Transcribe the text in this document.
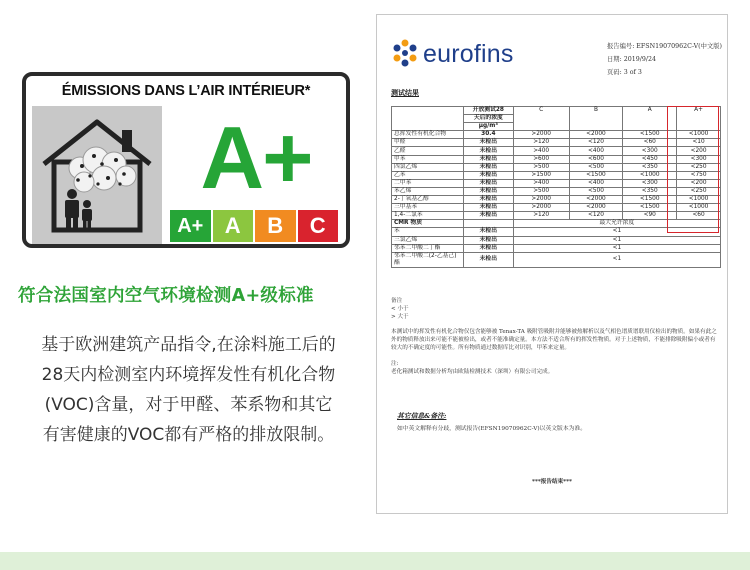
ÉMISSIONS DANS L’AIR INTÉRIEUR*
A+
A+ A	B	C
符合法国室内空气环境检测A+级标准
基于欧洲建筑产品指令,在涂料施工后的
28天内检测室内环境挥发性有机化合物
(VOC)含量，对于甲醛、苯系物和其它
有害健康的VOC都有严格的排放限制。
eurofins	报告编号: EFSN19070962C-V(中文版)
日期: 2019/9/24
页码: 3 of 3
测试结果
	开放测试28	C	B	A	A+
	天后的浓度				
	μg/m³				
总挥发性有机化合物	30.4	>2000	<2000	<1500	<1000
甲醛	未检出	>120	<120	<60	<10
乙醛	未检出	>400	<400	<300	<200
甲苯	未检出	>600	<600	<450	<300
四氯乙烯	未检出	>500	<500	<350	<250
乙苯	未检出	>1500	<1500	<1000	<750
二甲苯	未检出	>400	<400	<300	<200
苯乙烯	未检出	>500	<500	<350	<250
2-丁氧基乙醇	未检出	>2000	<2000	<1500	<1000
三甲基苯	未检出	>2000	<2000	<1500	<1000
1,4-二氯苯	未检出	>120	<120	<90	<60
CMR 物质		最大允许浓度			
苯	未检出	<1			
三氯乙烯	未检出	<1			
邻苯二甲酸二丁酯	未检出	<1			
邻苯二甲酸二(2-乙基己)酯	未检出	<1			

备注

< 小于

> 大于

本测试中的挥发性有机化合物仅包含能够被 Tenax-TA 吸附管吸附并能够被热解析以及气相色谱质谱联用仪检出的物质。如果有此之外的物质释放出来可能不能被检出，或者不能准确定量。本方法不适合所有的挥发性物质。对于上述物质，不能排除吸附偏小或者有较大的不确定度的可能性。所有物质通过数据库比对识别，甲苯来定量。

注:

老化箱测试和数据分析均由欧陆检测技术（深圳）有限公司完成。

其它信息&备注:
如中英文解释有分歧，测试报告(EFSN19070962C-V)以英文版本为准。
***报告结束***
